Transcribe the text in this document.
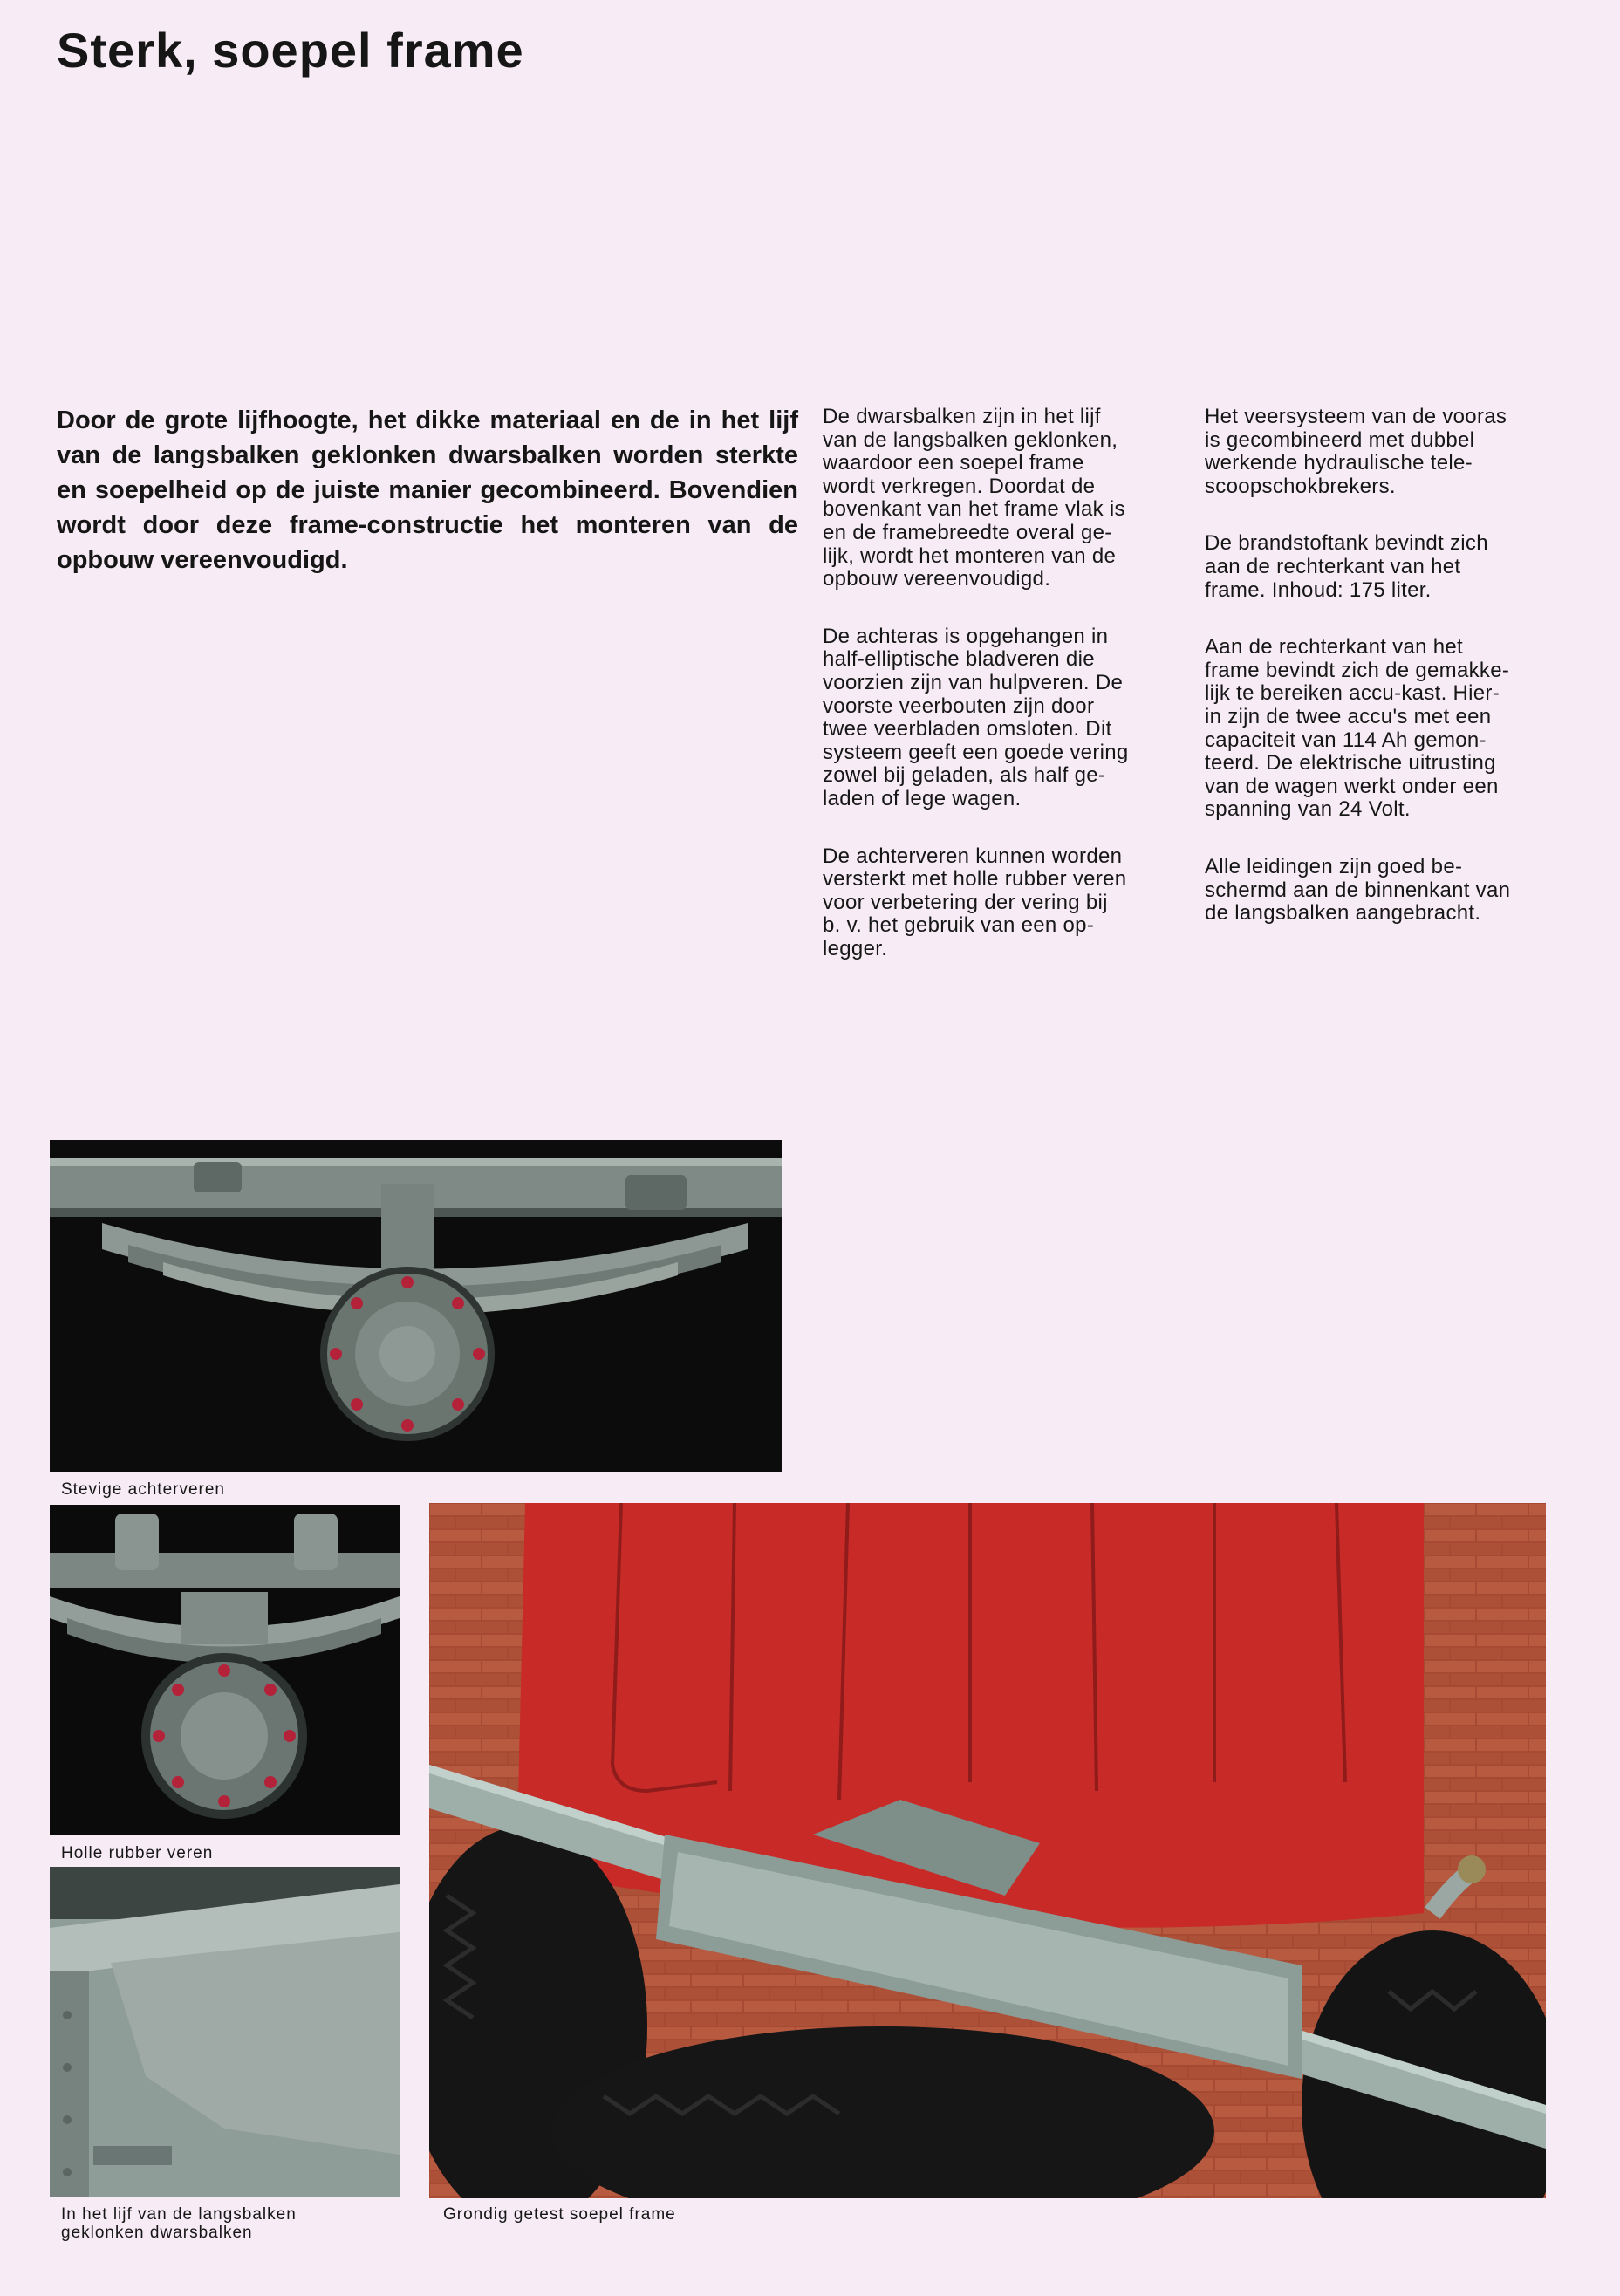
Sterk, soepel frame

Door de grote lijfhoogte, het dikke materiaal en de in het lijf van de langsbalken geklonken dwarsbalken worden sterkte en soepelheid op de juiste manier gecombineerd. Bovendien wordt door deze frame-constructie het monteren van de opbouw vereenvoudigd.

De dwarsbalken zijn in het lijf
van de langsbalken geklonken,
waardoor een soepel frame
wordt verkregen. Doordat de
bovenkant van het frame vlak is
en de framebreedte overal ge-
lijk, wordt het monteren van de
opbouw vereenvoudigd.

De achteras is opgehangen in
half-elliptische bladveren die
voorzien zijn van hulpveren. De
voorste veerbouten zijn door
twee veerbladen omsloten. Dit
systeem geeft een goede vering
zowel bij geladen, als half ge-
laden of lege wagen.

De achterveren kunnen worden
versterkt met holle rubber veren
voor verbetering der vering bij
b. v. het gebruik van een op-
legger.

Het veersysteem van de vooras
is gecombineerd met dubbel
werkende hydraulische tele-
scoopschokbrekers.

De brandstoftank bevindt zich
aan de rechterkant van het
frame. Inhoud: 175 liter.

Aan de rechterkant van het
frame bevindt zich de gemakke-
lijk te bereiken accu-kast. Hier-
in zijn de twee accu's met een
capaciteit van 114 Ah gemon-
teerd. De elektrische uitrusting
van de wagen werkt onder een
spanning van 24 Volt.

Alle leidingen zijn goed be-
schermd aan de binnenkant van
de langsbalken aangebracht.

Stevige achterveren
Holle rubber veren
In het lijf van de langsbalken
geklonken dwarsbalken
Grondig getest soepel frame
